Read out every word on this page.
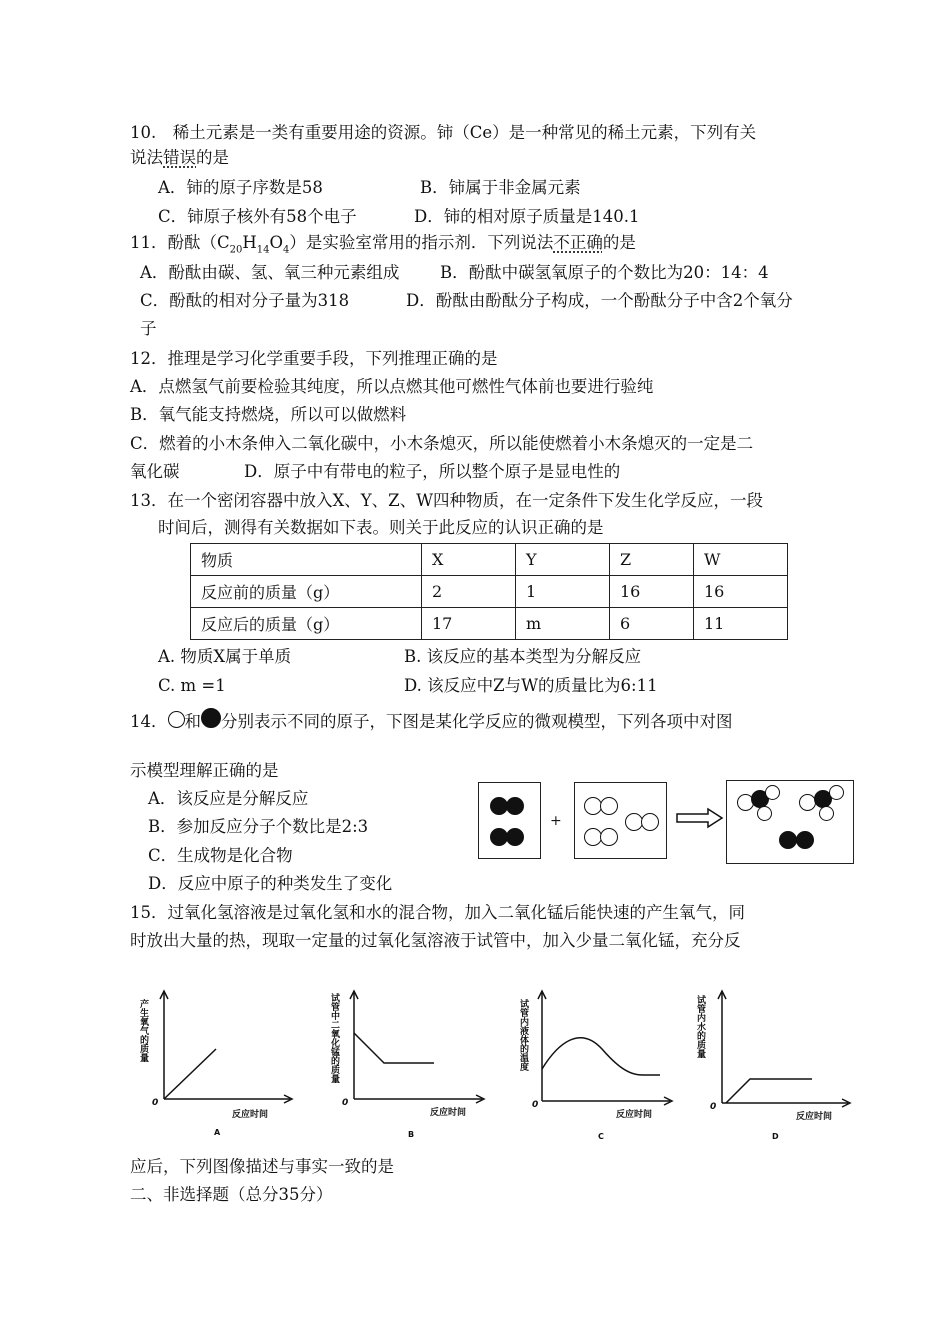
10.　稀土元素是一类有重要用途的资源。铈（Ce）是一种常见的稀土元素，下列有关
说法错误的是
A．铈的原子序数是58	B．铈属于非金属元素
C．铈原子核外有58个电子	D．铈的相对原子质量是140.1
11．酚酞$(C_{20}H_{14}O_4)$是实验室常用的指示剂．下列说法不正确的是
A．酚酞由碳、氢、氧三种元素组成 B．酚酞中碳氢氧原子的个数比为20：14：4
C．酚酞的相对分子量为318	D．酚酞由酚酞分子构成，一个酚酞分子中含2个氧分
子
12．推理是学习化学重要手段，下列推理正确的是
A．点燃氢气前要检验其纯度，所以点燃其他可燃性气体前也要进行验纯
B．氧气能支持燃烧，所以可以做燃料
C．燃着的小木条伸入二氧化碳中，小木条熄灭，所以能使燃着小木条熄灭的一定是二
氧化碳	D．原子中有带电的粒子，所以整个原子是显电性的
13．在一个密闭容器中放入X、Y、Z、W四种物质，在一定条件下发生化学反应，一段
时间后，测得有关数据如下表。则关于此反应的认识正确的是
物质	X	Y	Z	W
反应前的质量（g）	2	1	16	16
反应后的质量（g）	17	m	6	11
A. 物质X属于单质	B. 该反应的基本类型为分解反应
C. m =1	D. 该反应中Z与W的质量比为6:11
14． 和 分别表示不同的原子，下图是某化学反应的微观模型，下列各项中对图
示模型理解正确的是
A．该反应是分解反应
B．参加反应分子个数比是2:3
C．生成物是化合物
D．反应中原子的种类发生了变化
+
15．过氧化氢溶液是过氧化氢和水的混合物，加入二氧化锰后能快速的产生氧气，同
时放出大量的热，现取一定量的过氧化氢溶液于试管中，加入少量二氧化锰，充分反
产生氧气的质量
0
反应时间
A
试管中二氧化锰的质量
0
反应时间
B
试管内液体的温度
0
反应时间
C
试管内水的质量
0
反应时间
D
应后，下列图像描述与事实一致的是
二、非选择题（总分35分）
